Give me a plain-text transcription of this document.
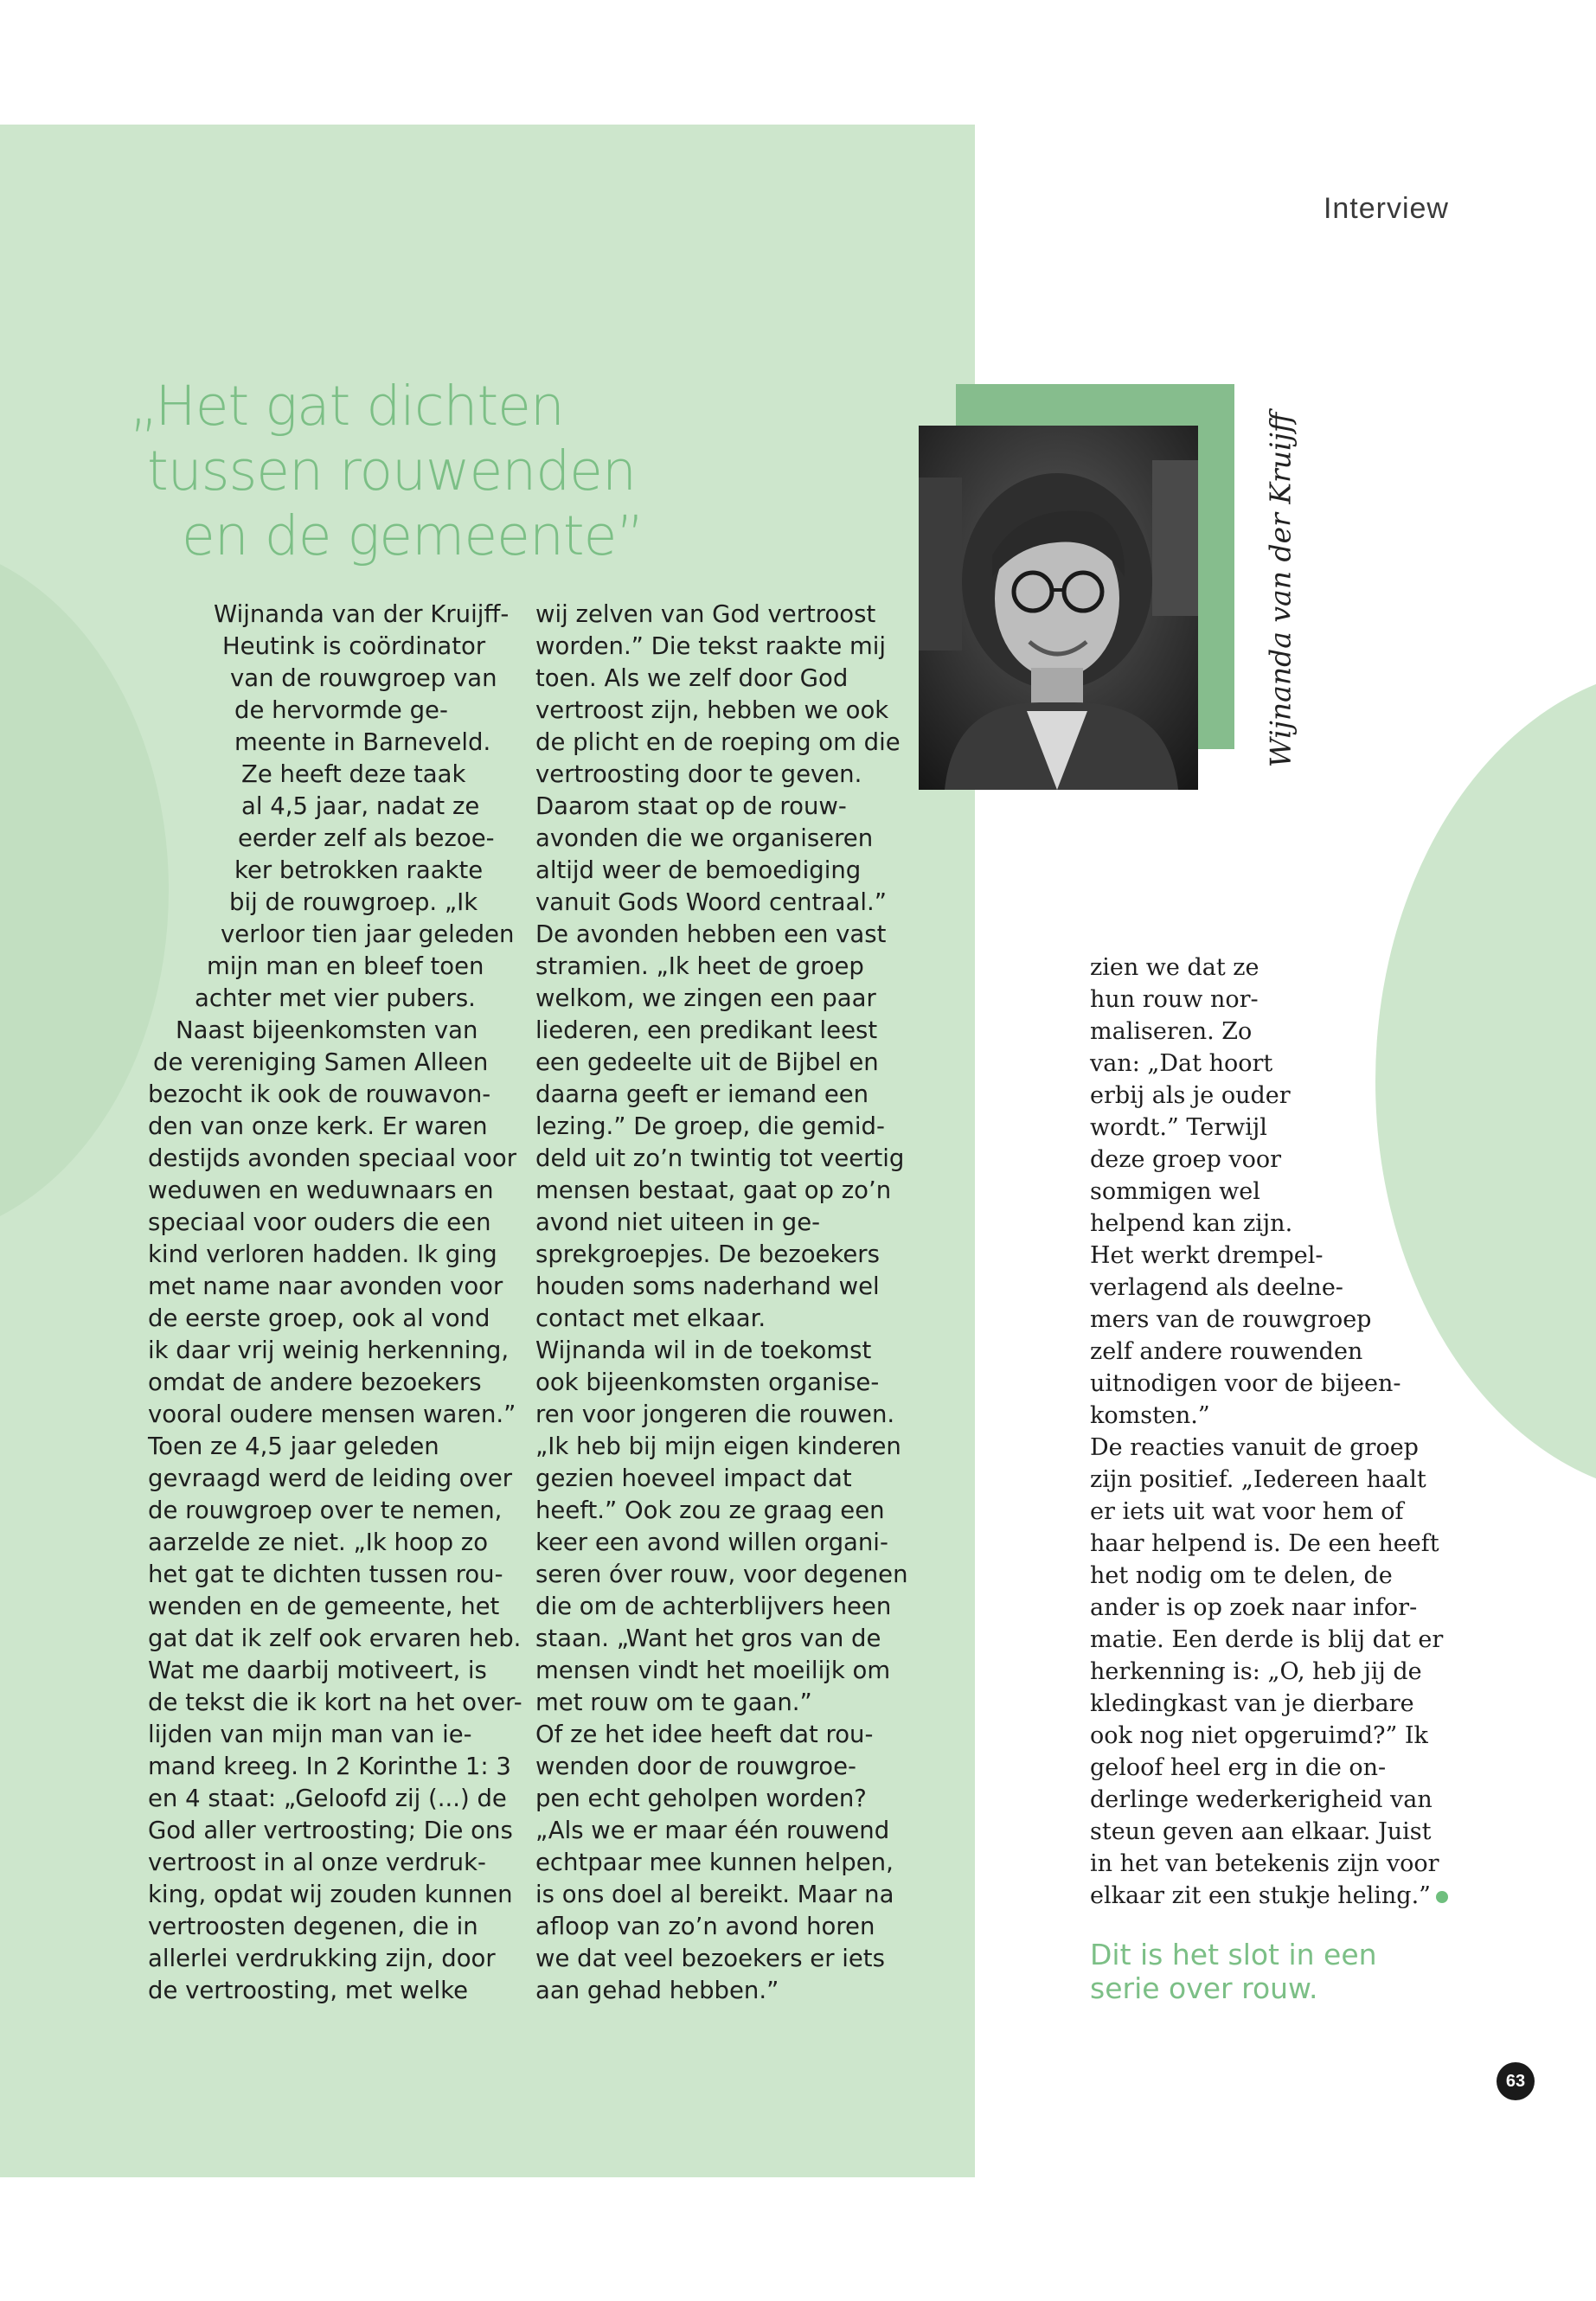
Interview
„Het gat dichten
tussen rouwenden
en de gemeente”	Wijnanda van der Kruijff
Wijnanda van der Kruijff-
Heutink is coördinator
van de rouwgroep van
de hervormde ge-
meente in Barneveld.
Ze heeft deze taak
al 4,5 jaar, nadat ze
eerder zelf als bezoe-
ker betrokken raakte
bij de rouwgroep. „Ik
verloor tien jaar geleden
mijn man en bleef toen
achter met vier pubers.
Naast bijeenkomsten van
de vereniging Samen Alleen
bezocht ik ook de rouwavon-
den van onze kerk. Er waren
destijds avonden speciaal voor
weduwen en weduwnaars en
speciaal voor ouders die een
kind verloren hadden. Ik ging
met name naar avonden voor
de eerste groep, ook al vond
ik daar vrij weinig herkenning,
omdat de andere bezoekers
vooral oudere mensen waren.”
Toen ze 4,5 jaar geleden
gevraagd werd de leiding over
de rouwgroep over te nemen,
aarzelde ze niet. „Ik hoop zo
het gat te dichten tussen rou-
wenden en de gemeente, het
gat dat ik zelf ook ervaren heb.
Wat me daarbij motiveert, is
de tekst die ik kort na het over-
lijden van mijn man van ie-
mand kreeg. In 2 Korinthe 1: 3
en 4 staat: „Geloofd zij (...) de
God aller vertroosting; Die ons
vertroost in al onze verdruk-
king, opdat wij zouden kunnen
vertroosten degenen, die in
allerlei verdrukking zijn, door
de vertroosting, met welke
wij zelven van God vertroost
worden.” Die tekst raakte mij
toen. Als we zelf door God
vertroost zijn, hebben we ook
de plicht en de roeping om die
vertroosting door te geven.
Daarom staat op de rouw-
avonden die we organiseren
altijd weer de bemoediging
vanuit Gods Woord centraal.”
De avonden hebben een vast
stramien. „Ik heet de groep
welkom, we zingen een paar
liederen, een predikant leest
een gedeelte uit de Bijbel en
daarna geeft er iemand een
lezing.” De groep, die gemid-
deld uit zo’n twintig tot veertig
mensen bestaat, gaat op zo’n
avond niet uiteen in ge-
sprekgroepjes. De bezoekers
houden soms naderhand wel
contact met elkaar.
Wijnanda wil in de toekomst
ook bijeenkomsten organise-
ren voor jongeren die rouwen.
„Ik heb bij mijn eigen kinderen
gezien hoeveel impact dat
heeft.” Ook zou ze graag een
keer een avond willen organi-
seren óver rouw, voor degenen
die om de achterblijvers heen
staan. „Want het gros van de
mensen vindt het moeilijk om
met rouw om te gaan.”
Of ze het idee heeft dat rou-
wenden door de rouwgroe-
pen echt geholpen worden?
„Als we er maar één rouwend
echtpaar mee kunnen helpen,
is ons doel al bereikt. Maar na
afloop van zo’n avond horen
we dat veel bezoekers er iets
aan gehad hebben.”
zien we dat ze
hun rouw nor-
maliseren. Zo
van: „Dat hoort
erbij als je ouder
wordt.” Terwijl
deze groep voor
sommigen wel
helpend kan zijn.
Het werkt drempel-
verlagend als deelne-
mers van de rouwgroep
zelf andere rouwenden
uitnodigen voor de bijeen-
komsten.”
De reacties vanuit de groep
zijn positief. „Iedereen haalt
er iets uit wat voor hem of
haar helpend is. De een heeft
het nodig om te delen, de
ander is op zoek naar infor-
matie. Een derde is blij dat er
herkenning is: „O, heb jij de
kledingkast van je dierbare
ook nog niet opgeruimd?” Ik
geloof heel erg in die on-
derlinge wederkerigheid van
steun geven aan elkaar. Juist
in het van betekenis zijn voor
elkaar zit een stukje heling.”
Dit is het slot in een
serie over rouw.
63
